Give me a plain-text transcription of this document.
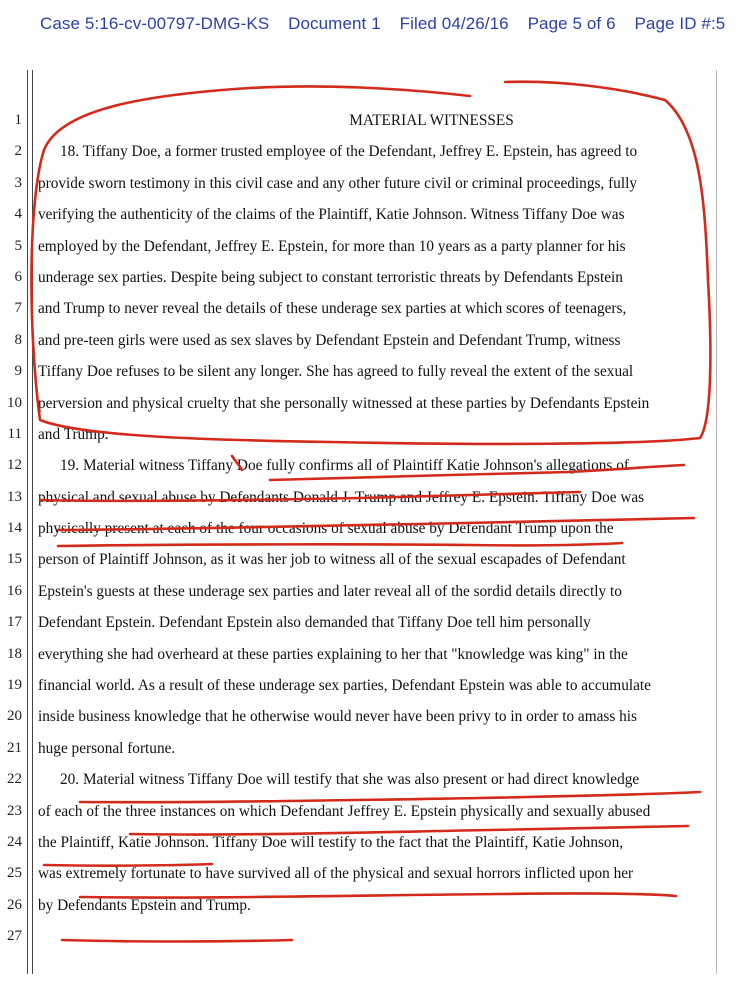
Case 5:16-cv-00797-DMG-KS Document 1 Filed 04/26/16 Page 5 of 6 Page ID #:5
1
2
3
4
5
6
7
8
9
10
11
12
13
14
15
16
17
18
19
20
21
22
23
24
25
26
27
MATERIAL WITNESSES
18. Tiffany Doe, a former trusted employee of the Defendant, Jeffrey E. Epstein, has agreed to
provide sworn testimony in this civil case and any other future civil or criminal proceedings, fully
verifying the authenticity of the claims of the Plaintiff, Katie Johnson. Witness Tiffany Doe was
employed by the Defendant, Jeffrey E. Epstein, for more than 10 years as a party planner for his
underage sex parties. Despite being subject to constant terroristic threats by Defendants Epstein
and Trump to never reveal the details of these underage sex parties at which scores of teenagers,
and pre-teen girls were used as sex slaves by Defendant Epstein and Defendant Trump, witness
Tiffany Doe refuses to be silent any longer. She has agreed to fully reveal the extent of the sexual
perversion and physical cruelty that she personally witnessed at these parties by Defendants Epstein
and Trump.
19. Material witness Tiffany Doe fully confirms all of Plaintiff Katie Johnson's allegations of
physical and sexual abuse by Defendants Donald J. Trump and Jeffrey E. Epstein. Tiffany Doe was
physically present at each of the four occasions of sexual abuse by Defendant Trump upon the
person of Plaintiff Johnson, as it was her job to witness all of the sexual escapades of Defendant
Epstein's guests at these underage sex parties and later reveal all of the sordid details directly to
Defendant Epstein. Defendant Epstein also demanded that Tiffany Doe tell him personally
everything she had overheard at these parties explaining to her that "knowledge was king" in the
financial world. As a result of these underage sex parties, Defendant Epstein was able to accumulate
inside business knowledge that he otherwise would never have been privy to in order to amass his
huge personal fortune.
20. Material witness Tiffany Doe will testify that she was also present or had direct knowledge
of each of the three instances on which Defendant Jeffrey E. Epstein physically and sexually abused
the Plaintiff, Katie Johnson. Tiffany Doe will testify to the fact that the Plaintiff, Katie Johnson,
was extremely fortunate to have survived all of the physical and sexual horrors inflicted upon her
by Defendants Epstein and Trump.
